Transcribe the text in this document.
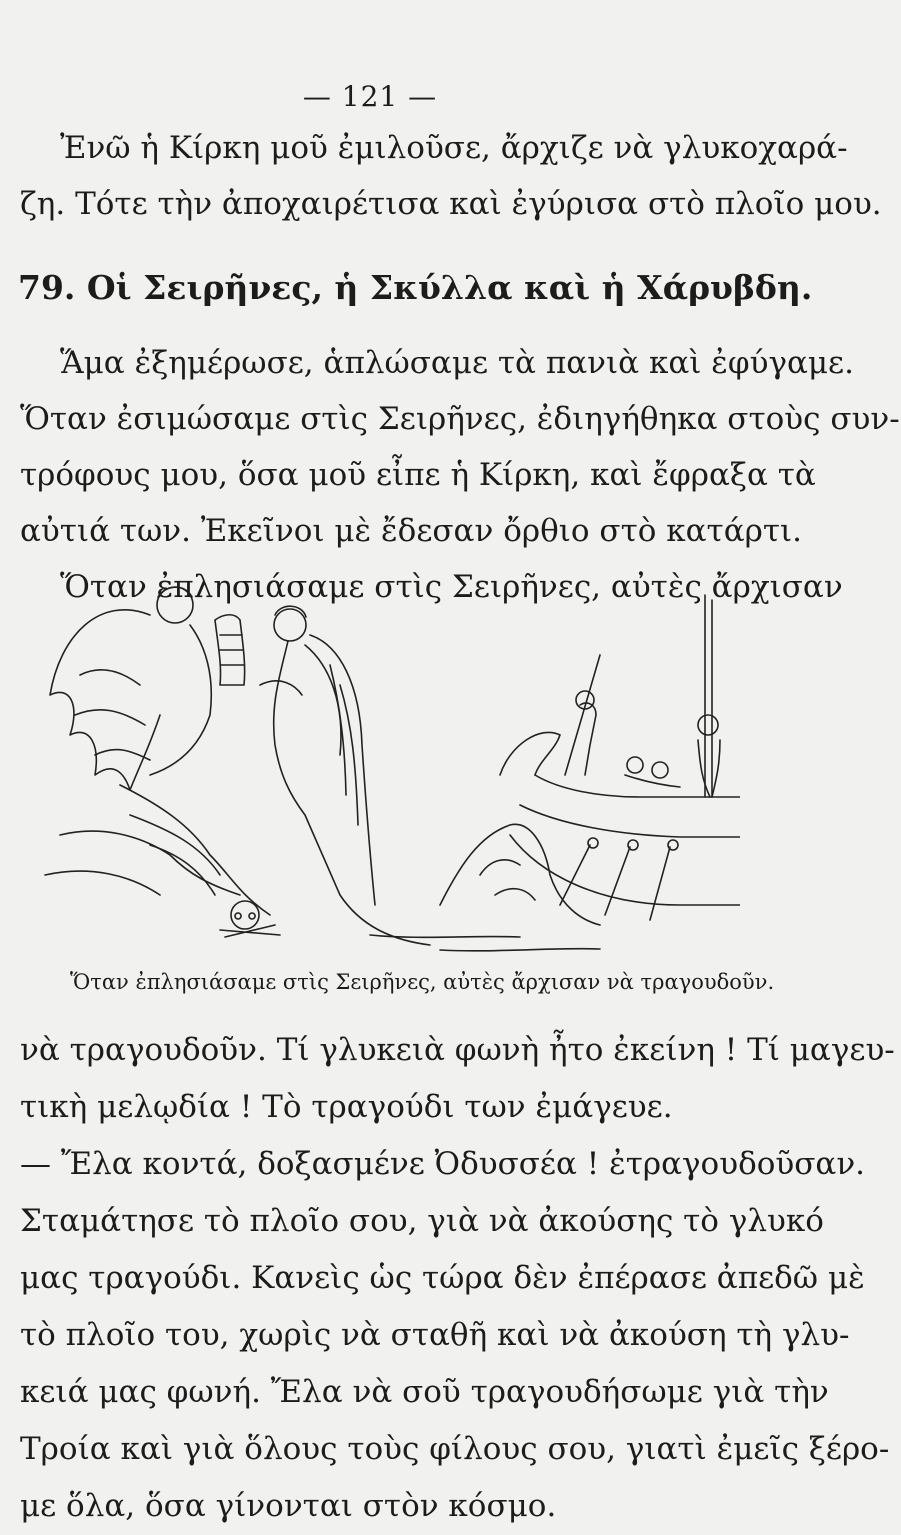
— 121 —
Ἐνῶ ἡ Κίρκη μοῦ ἐμιλοῦσε, ἄρχιζε νὰ γλυκοχαρά-
ζη. Τότε τὴν ἀποχαιρέτισα καὶ ἐγύρισα στὸ πλοῖο μου.
79. Οἱ Σειρῆνες, ἡ Σκύλλα καὶ ἡ Χάρυβδη.
Ἅμα ἐξημέρωσε, ἁπλώσαμε τὰ πανιὰ καὶ ἐφύγαμε.
Ὅταν ἐσιμώσαμε στὶς Σειρῆνες, ἐδιηγήθηκα στοὺς συν-
τρόφους μου, ὅσα μοῦ εἶπε ἡ Κίρκη, καὶ ἔφραξα τὰ
αὐτιά των. Ἐκεῖνοι μὲ ἔδεσαν ὄρθιο στὸ κατάρτι.
Ὅταν ἐπλησιάσαμε στὶς Σειρῆνες, αὐτὲς ἄρχισαν
Ὅταν ἐπλησιάσαμε στὶς Σειρῆνες, αὐτὲς ἄρχισαν νὰ τραγουδοῦν.
νὰ τραγουδοῦν. Τί γλυκειὰ φωνὴ ἦτο ἐκείνη ! Τί μαγευ-
τικὴ μελῳδία ! Τὸ τραγούδι των ἐμάγευε.
— Ἔλα κοντά, δοξασμένε Ὀδυσσέα ! ἐτραγουδοῦσαν.
Σταμάτησε τὸ πλοῖο σου, γιὰ νὰ ἀκούσης τὸ γλυκό
μας τραγούδι. Κανεὶς ὡς τώρα δὲν ἐπέρασε ἀπεδῶ μὲ
τὸ πλοῖο του, χωρὶς νὰ σταθῆ καὶ νὰ ἀκούση τὴ γλυ-
κειά μας φωνή. Ἔλα νὰ σοῦ τραγουδήσωμε γιὰ τὴν
Τροία καὶ γιὰ ὅλους τοὺς φίλους σου, γιατὶ ἐμεῖς ξέρο-
με ὅλα, ὅσα γίνονται στὸν κόσμο.
